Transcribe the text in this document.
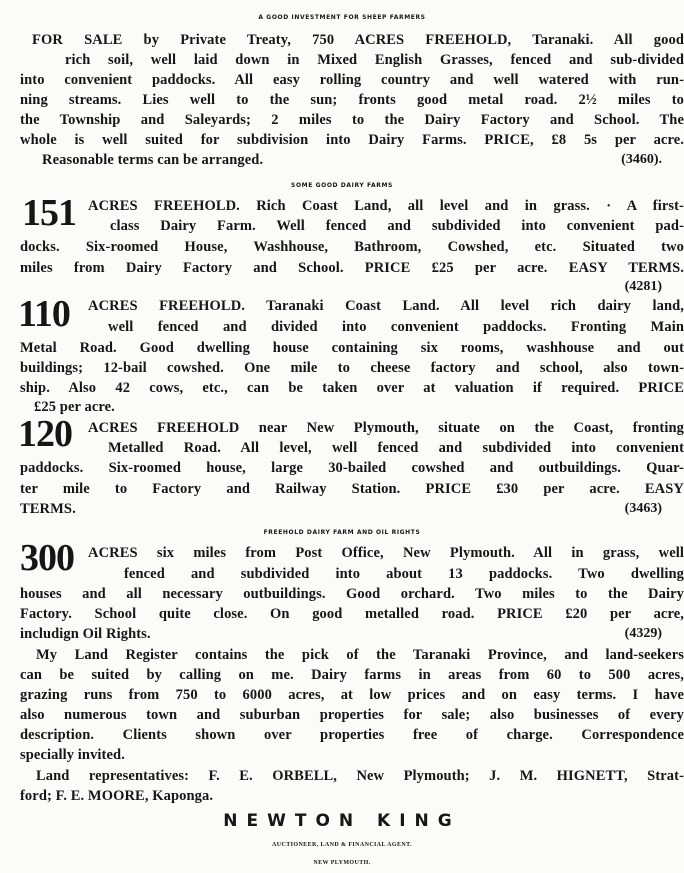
A GOOD INVESTMENT FOR SHEEP FARMERS
FOR SALE by Private Treaty, 750 ACRES FREEHOLD, Taranaki. All good
rich soil, well laid down in Mixed English Grasses, fenced and sub-divided
into convenient paddocks. All easy rolling country and well watered with run-
ning streams. Lies well to the sun; fronts good metal road. 2½ miles to
the Township and Saleyards; 2 miles to the Dairy Factory and School. The
whole is well suited for subdivision into Dairy Farms. PRICE, £8 5s per acre.
Reasonable terms can be arranged.	(3460).
SOME GOOD DAIRY FARMS
151 ACRES FREEHOLD. Rich Coast Land, all level and in grass. · A first-
class Dairy Farm. Well fenced and subdivided into convenient pad-
docks. Six-roomed House, Washhouse, Bathroom, Cowshed, etc. Situated two
miles from Dairy Factory and School. PRICE £25 per acre. EASY TERMS.
(4281)
110 ACRES FREEHOLD. Taranaki Coast Land. All level rich dairy land,
well fenced and divided into convenient paddocks. Fronting Main
Metal Road. Good dwelling house containing six rooms, washhouse and out
buildings; 12-bail cowshed. One mile to cheese factory and school, also town-
ship. Also 42 cows, etc., can be taken over at valuation if required. PRICE
£25 per acre.
120 ACRES FREEHOLD near New Plymouth, situate on the Coast, fronting
Metalled Road. All level, well fenced and subdivided into convenient
paddocks. Six-roomed house, large 30-bailed cowshed and outbuildings. Quar-
ter mile to Factory and Railway Station. PRICE £30 per acre. EASY
TERMS.	(3463)
FREEHOLD DAIRY FARM AND OIL RIGHTS
300 ACRES six miles from Post Office, New Plymouth. All in grass, well
fenced and subdivided into about 13 paddocks. Two dwelling
houses and all necessary outbuildings. Good orchard. Two miles to the Dairy
Factory. School quite close. On good metalled road. PRICE £20 per acre,
includign Oil Rights.	(4329)
My Land Register contains the pick of the Taranaki Province, and land-seekers
can be suited by calling on me. Dairy farms in areas from 60 to 500 acres,
grazing runs from 750 to 6000 acres, at low prices and on easy terms. I have
also numerous town and suburban properties for sale; also businesses of every
description. Clients shown over properties free of charge. Correspondence
specially invited.
Land representatives: F. E. ORBELL, New Plymouth; J. M. HIGNETT, Strat-
ford; F. E. MOORE, Kaponga.
NEWTON KING
AUCTIONEER, LAND & FINANCIAL AGENT.
NEW PLYMOUTH.
